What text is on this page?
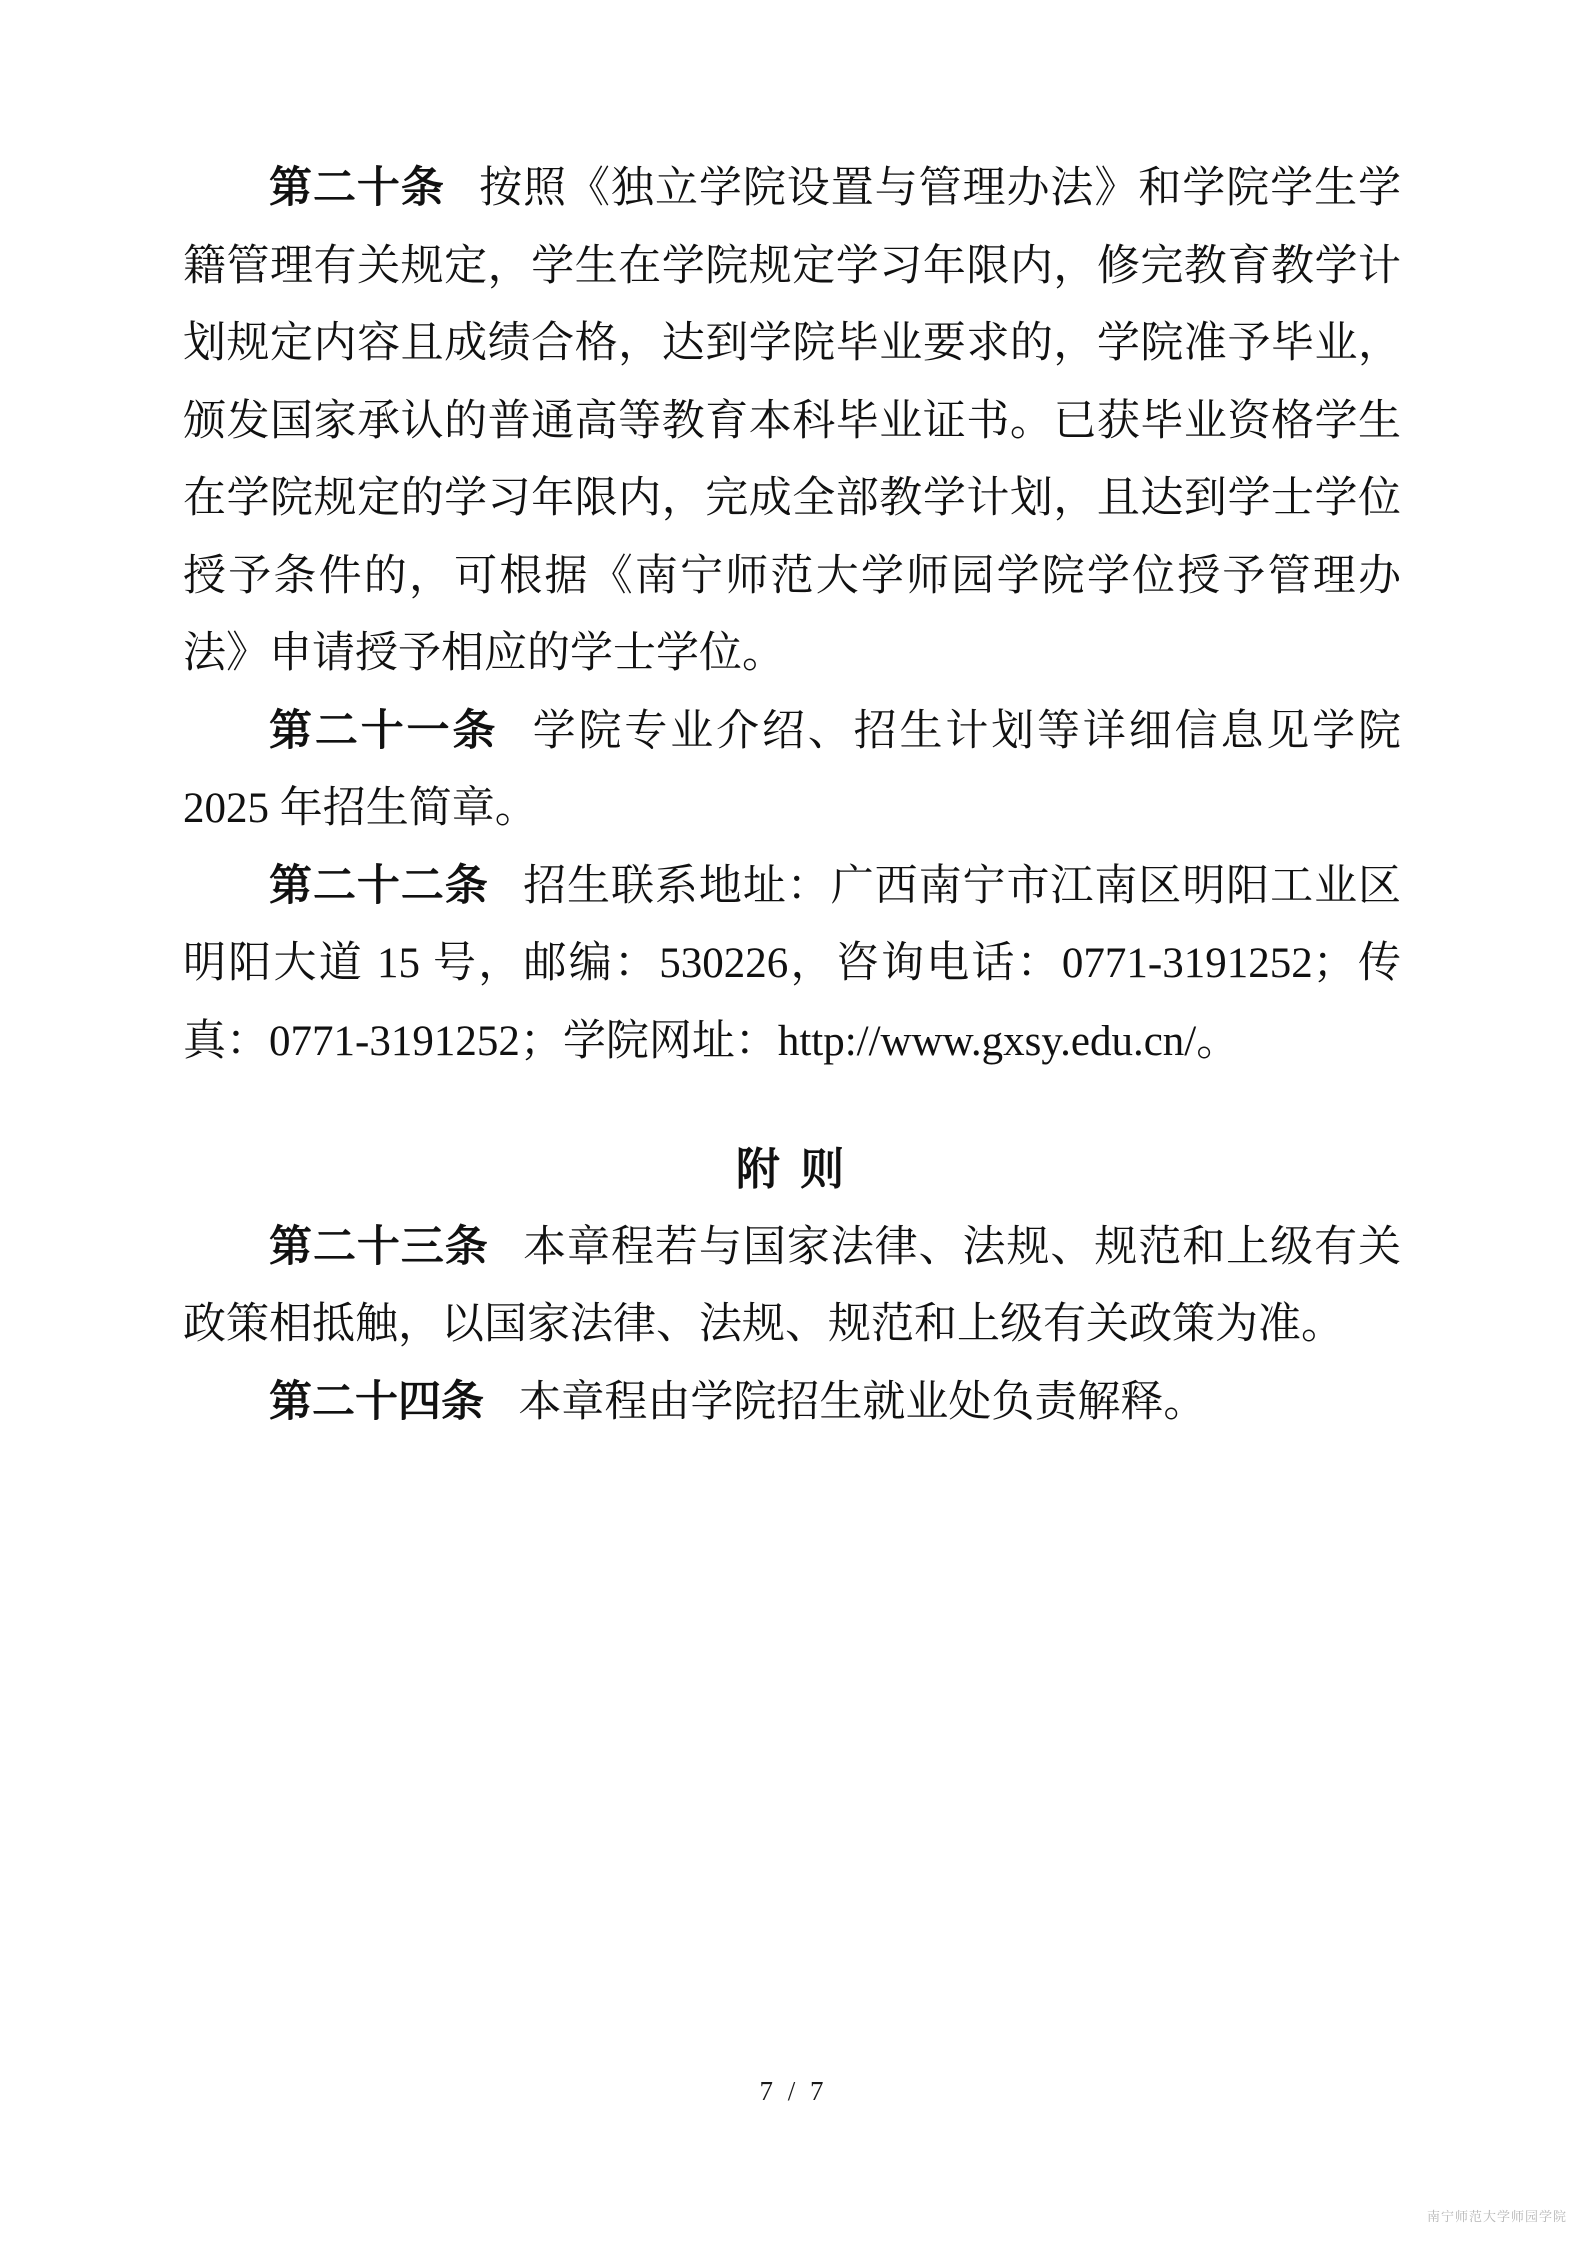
第二十条 按照《独立学院设置与管理办法》和学院学生学籍管理有关规定，学生在学院规定学习年限内，修完教育教学计划规定内容且成绩合格，达到学院毕业要求的，学院准予毕业，颁发国家承认的普通高等教育本科毕业证书。已获毕业资格学生在学院规定的学习年限内，完成全部教学计划，且达到学士学位授予条件的，可根据《南宁师范大学师园学院学位授予管理办法》申请授予相应的学士学位。

第二十一条 学院专业介绍、招生计划等详细信息见学院 2025 年招生简章。

第二十二条 招生联系地址：广西南宁市江南区明阳工业区明阳大道 15 号，邮编：530226，咨询电话：0771-3191252；传真：0771-3191252；学院网址：http://www.gxsy.edu.cn/。

附 则

第二十三条 本章程若与国家法律、法规、规范和上级有关政策相抵触，以国家法律、法规、规范和上级有关政策为准。

第二十四条 本章程由学院招生就业处负责解释。

7 / 7
南宁师范大学师园学院
